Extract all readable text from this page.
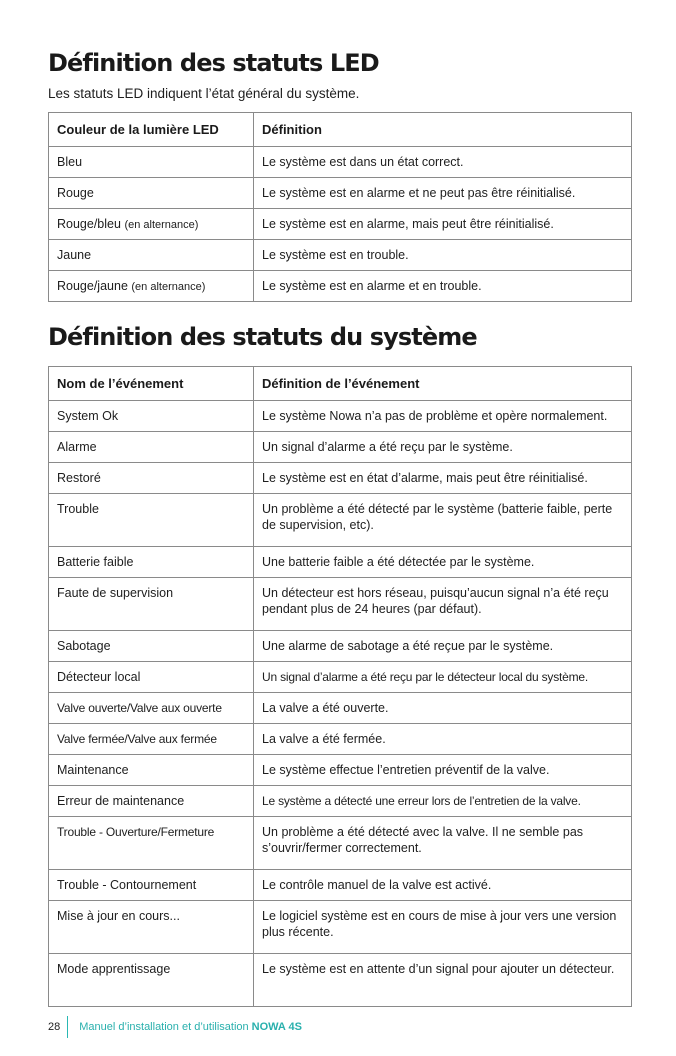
Définition des statuts LED
Les statuts LED indiquent l’état général du système.
Couleur de la lumière LED	Définition
Bleu	Le système est dans un état correct.
Rouge	Le système est en alarme et ne peut pas être réinitialisé.
Rouge/bleu (en alternance)	Le système est en alarme, mais peut être réinitialisé.
Jaune	Le système est en trouble.
Rouge/jaune (en alternance)	Le système est en alarme et en trouble.
Définition des statuts du système
Nom de l’événement	Définition de l’événement
System Ok	Le système Nowa n’a pas de problème et opère normalement.
Alarme	Un signal d’alarme a été reçu par le système.
Restoré	Le système est en état d’alarme, mais peut être réinitialisé.
Trouble	Un problème a été détecté par le système (batterie faible, perte de supervision, etc).
Batterie faible	Une batterie faible a été détectée par le système.
Faute de supervision	Un détecteur est hors réseau, puisqu’aucun signal n’a été reçu pendant plus de 24 heures (par défaut).
Sabotage	Une alarme de sabotage a été reçue par le système.
Détecteur local	Un signal d’alarme a été reçu par le détecteur local du système.
Valve ouverte/Valve aux ouverte	La valve a été ouverte.
Valve fermée/Valve aux fermée	La valve a été fermée.
Maintenance	Le système effectue l’entretien préventif de la valve.
Erreur de maintenance	Le système a détecté une erreur lors de l’entretien de la valve.
Trouble - Ouverture/Fermeture	Un problème a été détecté avec la valve. Il ne semble pas s’ouvrir/fermer correctement.
Trouble - Contournement	Le contrôle manuel de la valve est activé.
Mise à jour en cours...	Le logiciel système est en cours de mise à jour vers une version plus récente.
Mode apprentissage	Le système est en attente d’un signal pour ajouter un détecteur.
28 Manuel d’installation et d’utilisation NOWA 4S
